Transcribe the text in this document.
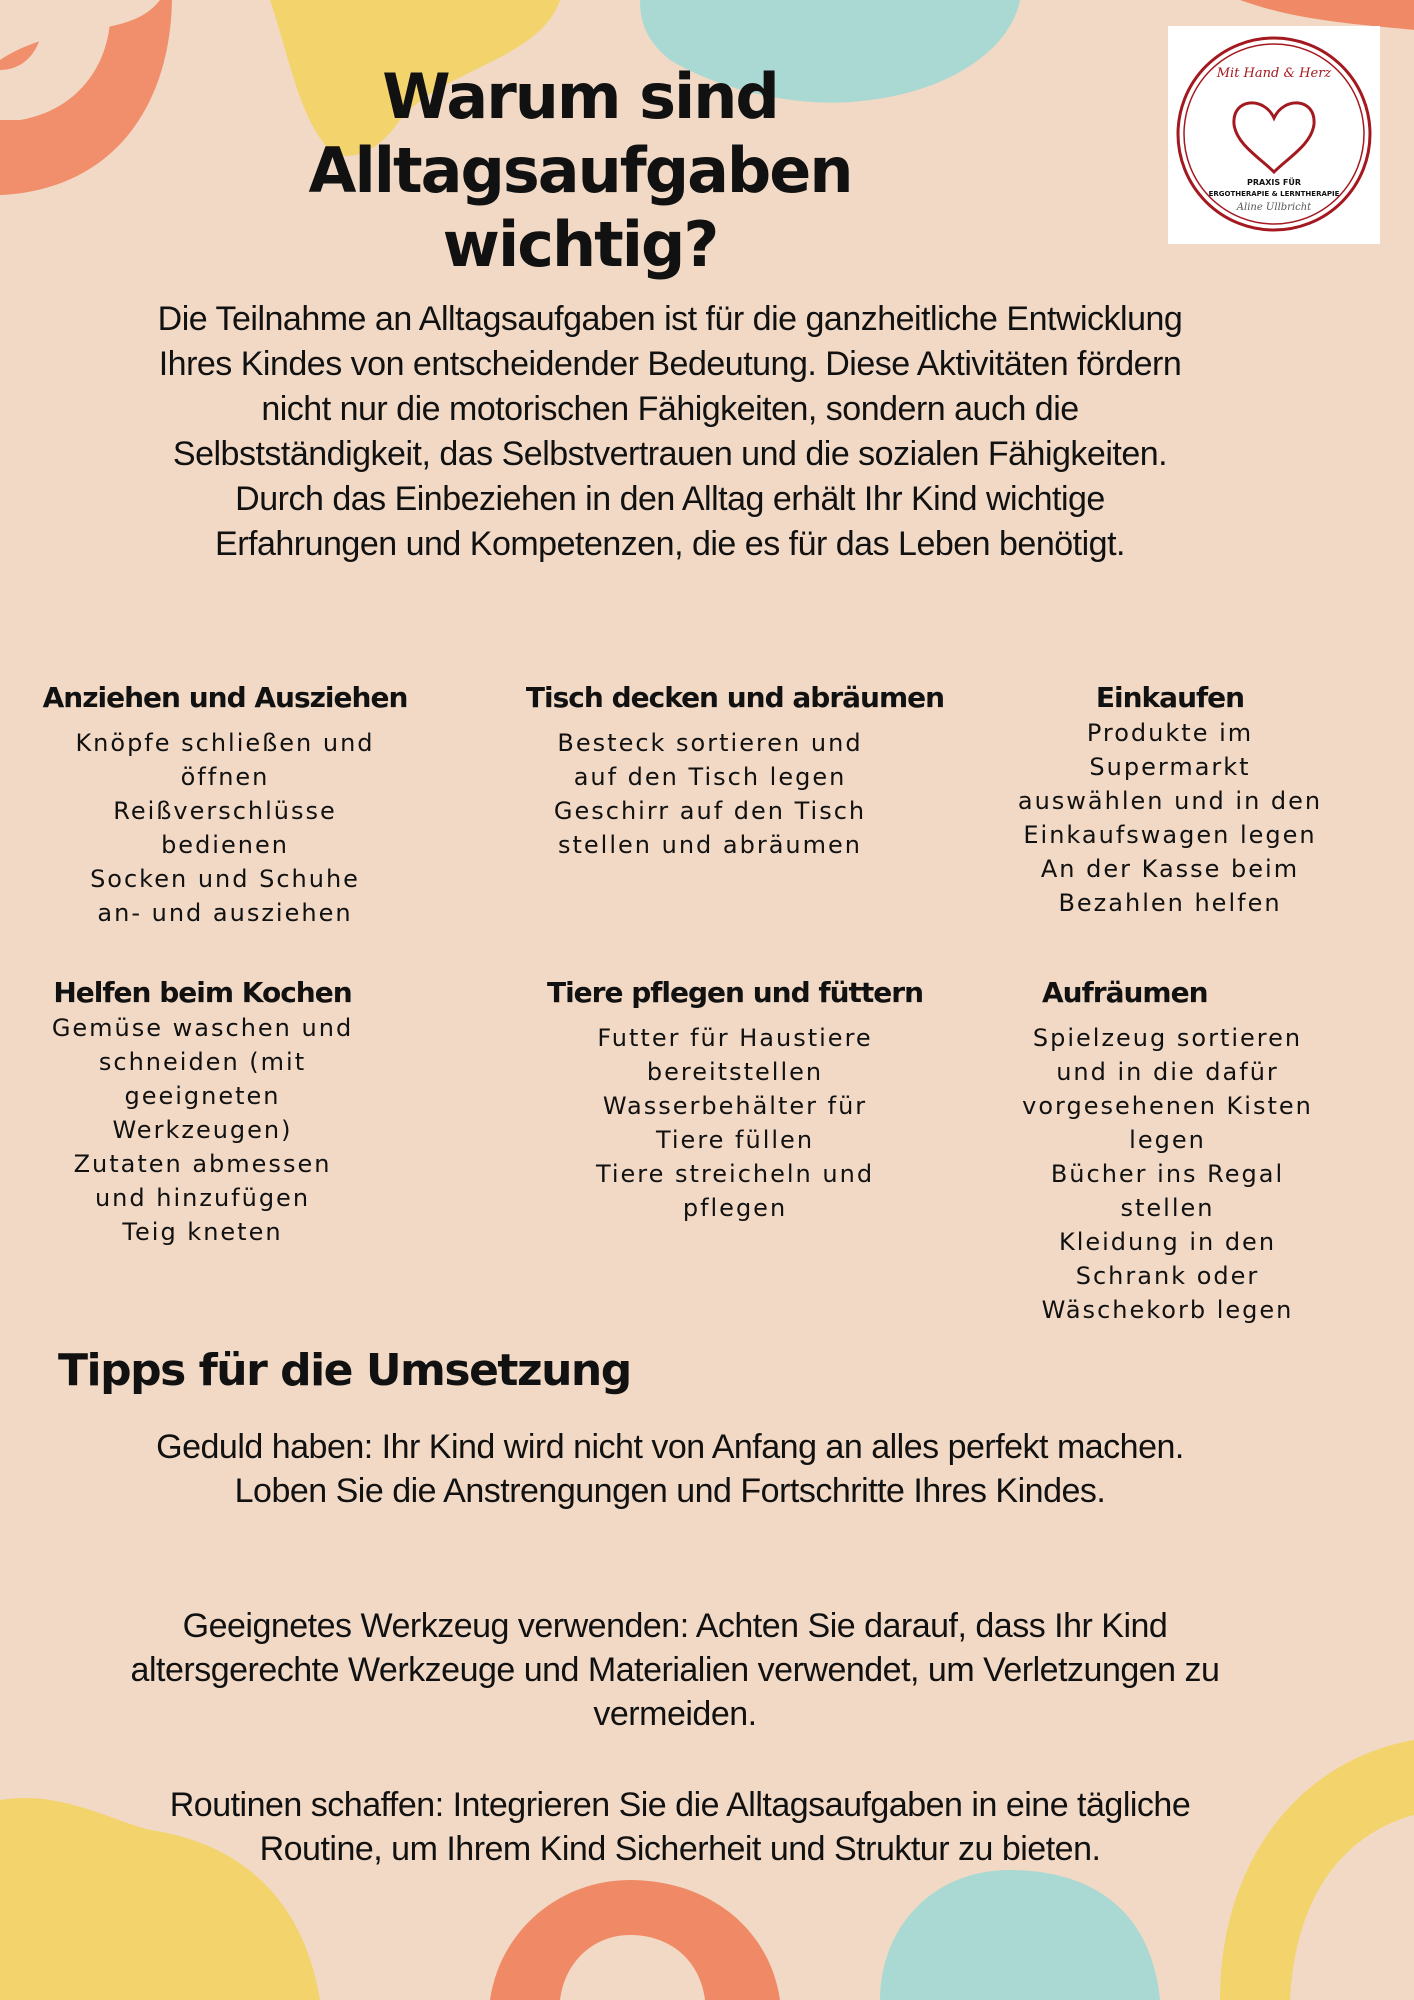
Warum sind Alltagsaufgaben
wichtig?
Mit Hand & Herz
PRAXIS FÜR
ERGOTHERAPIE & LERNTHERAPIE
Aline Ullbricht
Die Teilnahme an Alltagsaufgaben ist für die ganzheitliche Entwicklung Ihres Kindes von entscheidender Bedeutung. Diese Aktivitäten fördern nicht nur die motorischen Fähigkeiten, sondern auch die Selbstständigkeit, das Selbstvertrauen und die sozialen Fähigkeiten. Durch das Einbeziehen in den Alltag erhält Ihr Kind wichtige Erfahrungen und Kompetenzen, die es für das Leben benötigt.
Anziehen und Ausziehen
Knöpfe schließen und
öffnen
Reißverschlüsse
bedienen
Socken und Schuhe
an- und ausziehen
Tisch decken und abräumen
Besteck sortieren und
auf den Tisch legen
Geschirr auf den Tisch
stellen und abräumen
Einkaufen
Produkte im
Supermarkt
auswählen und in den
Einkaufswagen legen
An der Kasse beim
Bezahlen helfen
Helfen beim Kochen
Gemüse waschen und
schneiden (mit
geeigneten
Werkzeugen)
Zutaten abmessen
und hinzufügen
Teig kneten
Tiere pflegen und füttern
Futter für Haustiere
bereitstellen
Wasserbehälter für
Tiere füllen
Tiere streicheln und
pflegen
Aufräumen
Spielzeug sortieren
und in die dafür
vorgesehenen Kisten
legen
Bücher ins Regal
stellen
Kleidung in den
Schrank oder
Wäschekorb legen
Tipps für die Umsetzung
Geduld haben: Ihr Kind wird nicht von Anfang an alles perfekt machen. Loben Sie die Anstrengungen und Fortschritte Ihres Kindes.
Geeignetes Werkzeug verwenden: Achten Sie darauf, dass Ihr Kind altersgerechte Werkzeuge und Materialien verwendet, um Verletzungen zu vermeiden.
Routinen schaffen: Integrieren Sie die Alltagsaufgaben in eine tägliche Routine, um Ihrem Kind Sicherheit und Struktur zu bieten.
